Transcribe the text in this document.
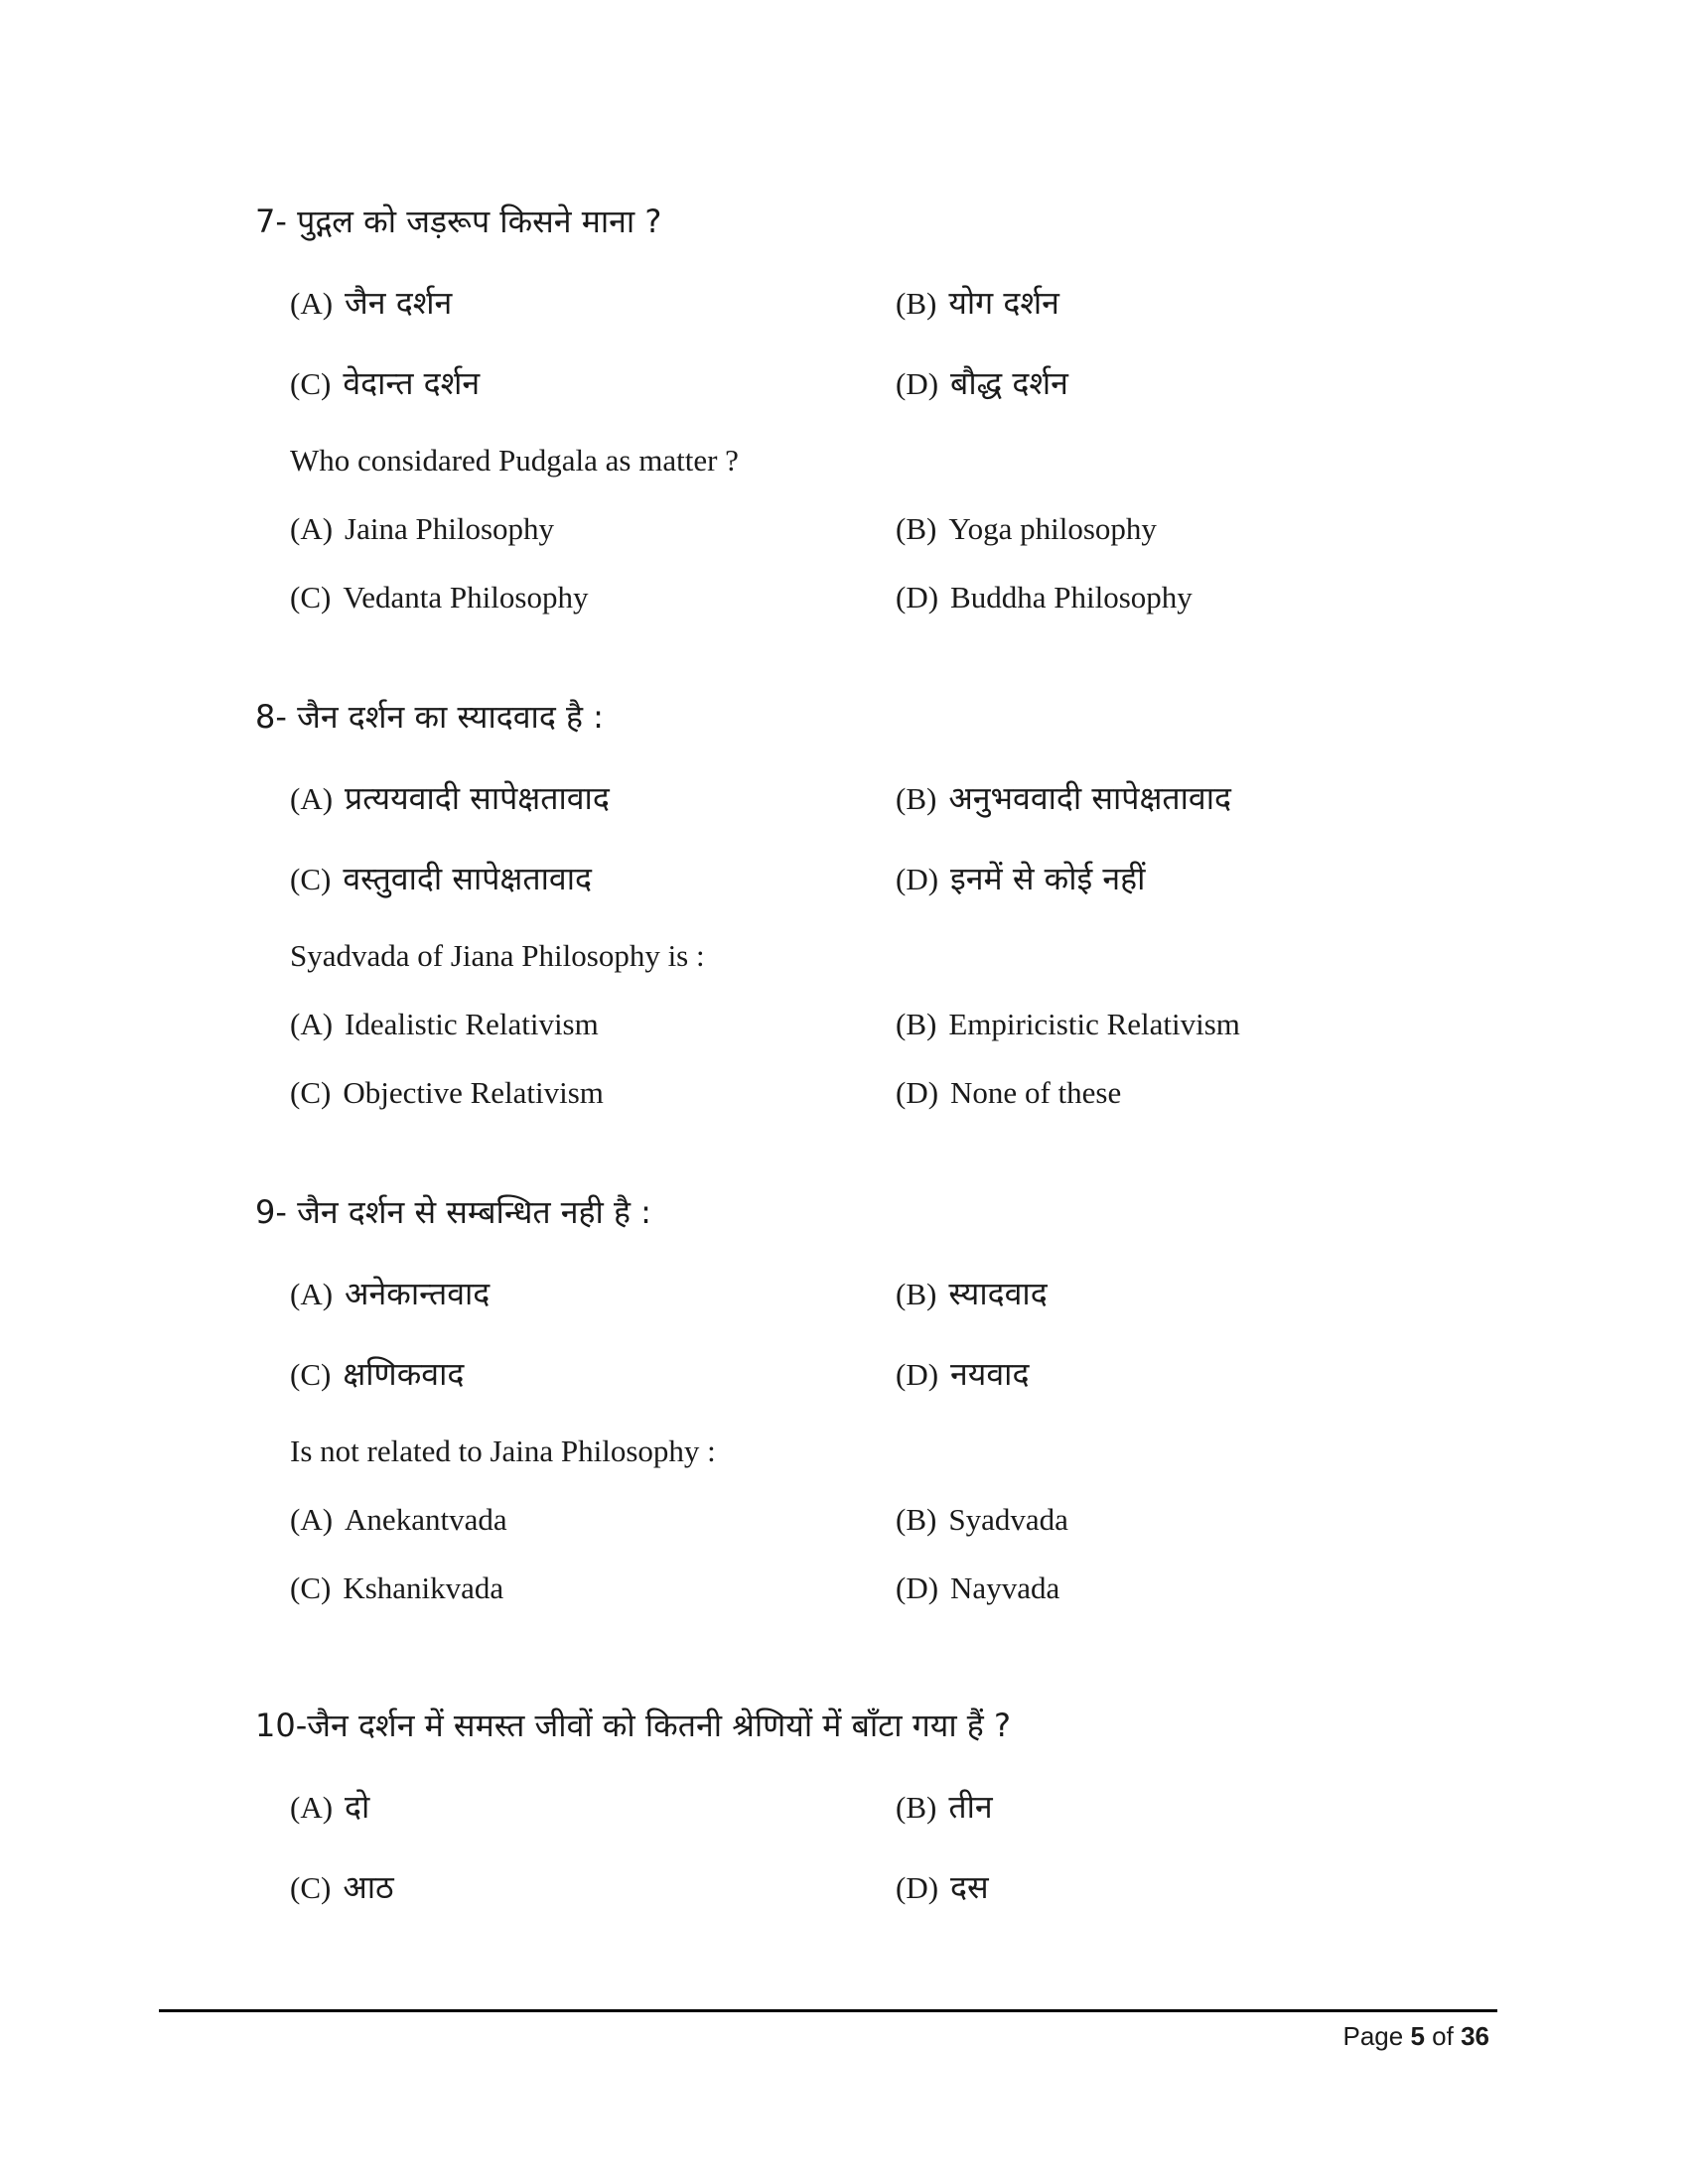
7- पुद्गल को जड़रूप किसने माना ?
(A) जैन दर्शन	(B) योग दर्शन
(C) वेदान्त दर्शन	(D) बौद्ध दर्शन
Who considared Pudgala as matter ?
(A) Jaina Philosophy	(B) Yoga philosophy
(C) Vedanta Philosophy	(D) Buddha Philosophy
8- जैन दर्शन का स्यादवाद है :
(A) प्रत्ययवादी सापेक्षतावाद	(B) अनुभववादी सापेक्षतावाद
(C) वस्तुवादी सापेक्षतावाद	(D) इनमें से कोई नहीं
Syadvada of Jiana Philosophy is :
(A) Idealistic Relativism	(B) Empiricistic Relativism
(C) Objective Relativism	(D) None of these
9- जैन दर्शन से सम्बन्धित नही है :
(A) अनेकान्तवाद	(B) स्यादवाद
(C) क्षणिकवाद	(D) नयवाद
Is not related to Jaina Philosophy :
(A) Anekantvada	(B) Syadvada
(C) Kshanikvada	(D) Nayvada
10-जैन दर्शन में समस्त जीवों को कितनी श्रेणियों में बाँटा गया हैं ?
(A) दो	(B) तीन
(C) आठ	(D) दस
Page 5 of 36
